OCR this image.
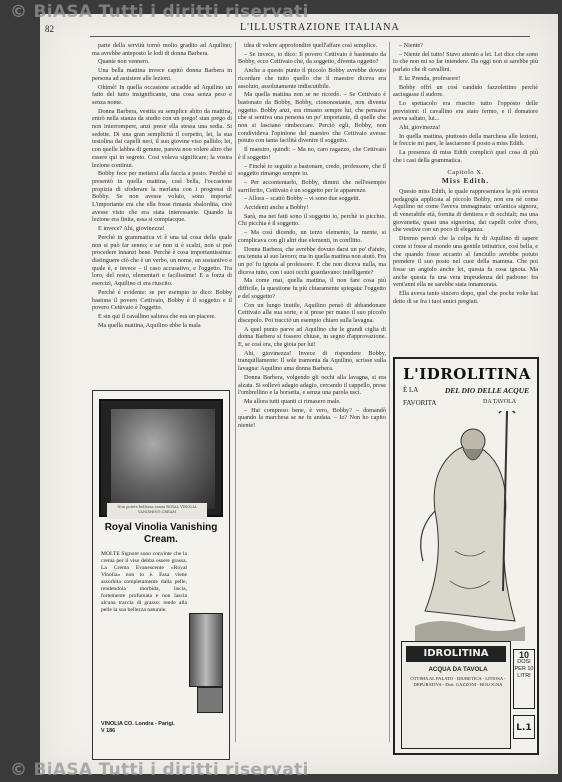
© BiASA Tutti i diritti riservati
82	L'ILLUSTRAZIONE ITALIANA

parte della servitù tornò molto gradito ad Aquilino; ma avrebbe anteposto le lodi di donna Barbera.

Quante non vennero.

Una bella mattina invece capitò donna Barbera in persona ad assistere alle lezioni.

Ohimè! In quella occasione accadde ad Aquilino un fatto del tutto insignificante, una cosa senza peso e senza nome.

Donna Barbera, vestita su semplice abito da mattina, entrò nella stanza da studio con un prego! stan prego di non interrompere, anzi prese ella stessa una sedia. Si sedette. Di una gran semplicità il corpetto, lei, la sua testolina dai capelli neri, il suo giovine viso pallido; lei, con quelle labbra di gemme, pareva non volere altro che essere qui in segreto. Cosi voleva significare; la vostra lezione continui.

Bobby fece per mettersi alla faccia a posto. Perchè si presentò in quella mattina, così bella, l'occasione propizia di sfoderare la merlana con i progressi di Bobby. Se non avesse voluto, sono importa! L'importante era che ella fosse rimasta sbalordita, cioè avesse visto che era stata interessante. Quando la lezione era finita, essa si compiacque.

E invece? Ahi, giovinezza!

Perchè in grammatica vi è una tal cosa della quale non si può far senno; e se non si è scalzi, non si può procedere innanzi bene. Perchè è cosa importantissima: distinguere ciò che è un verbo, un nome, un sostantivo e quale è, e invece ‒ il caso accusativo, e l'oggetto. Tra loro, del resto, elementari e facilissime! E a forza di esercizi, Aquilino ci era riuscito.

Perchè è evidente: se per esempio io dico: Bobby bastona il povero Cettivaio, Bobby è il soggetto e il povero Cettivaio è l'oggetto.

E sin qui il cavallino saltava che era un piacere.

Ma quella mattina, Aquilino ebbe la mala

Non potete bellezza senza ROYAL VINOLIA VANISHING CREAM
Royal Vinolia Vanishing Cream.
MOLTE Signore sono convinte che la crema per il viso debba essere grassa. La Crema Evanescente «Royal Vinolia» non lo è. Essa viene assorbita completamente dalla pelle, rendendola morbida, liscia, fortemente profumata e non lascia alcuna traccia di grasso: rende alla pelle la sua bellezza naturale.
VINOLIA CO. Londra - Parigi.
V 186

idea di volere approfondire quell'affare così semplice.

‒ Se invece, io dico: Il povero Cettivaio è bastonato da Bobby, ecco Cettivaio che, da soggetto, diventa oggetto?

Anche a questo punto il piccolo Bobby avrebbe dovuto ricordare che tutto quello che il maestro diceva era assoluto, assolutamente indiscutibile.

Ma quella mattina non se ne ricordò. ‒ Se Cettivaio è bastonato da Bobby, Bobby, ciononostante, non diventa oggetto. Bobby anzi, era rimasto sempre lui, che pensava che si sentiva una persona un po' importante, di quelle che non si lasciano rimbeccare. Perciò egli, Bobby, non condivideva l'opinione del maestro che Cettivaio avesse potuto con tanta facilità divenire il soggetto.

Il maestro, quindi: ‒ Ma no, caro ragazzo, che Cettivaio è il soggetto!

‒ Finchè io seguito a bastonare, credo, professore, che il soggetto rimango sempre io.

‒ Per accontentarlo, Bobby, dimmi che nell'esempio surriferito, Cettivaio è un soggetto per le apparenze.

‒ Allora ‒ scattò Bobby ‒ vi sono due soggetti.

Accidenti anche a Bobby!

Sarà, ma nei fatti sono il soggetto io, perchè io picchio. Chi picchia è il soggetto.

‒ Ma così dicendo, un terzo elemento, la mente, si complicava con gli altri due elementi, in conflitto.

Donna Barbera, che avrebbe dovuto darsi un po' d'aiuto, era tenuta al suo lavoro; ma in quella mattina non aiutò. Fra un po' fu ignota al professore. E che non diceva nulla, ma diceva tutto, con i suoi occhi guardavano: intelligente?

Ma come mai, quella mattina, il non fare cosa più difficile, la questione fu più chiaramente spiegata: l'oggetto e del soggetto?

Con un lungo inutile, Aquilino pensò di abbandonare Cettivaio alla sua sorte, e si prese per mano il suo piccolo discepolo. Poi tracciò un esempio chiaro sulla lavagna.

A quel punto parve ad Aquilino che le grandi ciglia di donna Barbera si fossero chiuse, in segno d'approvazione. E, se così era, che gioia per lui!

Ahi, giovinezza! Invece di rispondere Bobby, tranquillamente: Il sole tramonta da Aquilino, scrisse sulla lavagna: Aquilino ama donna Barbera.

Donna Barbera, volgendo gli occhi alla lavagna, si era alzata. Si sollevò adagio adagio, cercando il cappello, prese l'ombrellino e la borsetta, e senza una parola uscì.

Ma allora tutti quanti ci rimasero male.

‒ Hai compreso bene, è vero, Bobby? ‒ domandò quando la marchesa se ne fu andata. ‒ Io? Non ho capito niente!

‒ Niente?

‒ Niente del tutto! Stavo attento a lei. Lei dice che sono io che non mi so far intendere. Da oggi non si sarebbe più parlato che di cavallini.

E la: Prenda, professore!

Bobby offrì un così candido fazzolettino perchè asciugasse il sudore.

Lo spettacolo era riuscito tutto l'opposto delle previsioni: il cavallino era stato fermo, e il domatore aveva saltato, lui...

Ahi, giovinezza!

In quella mattina, piuttosto della marchesa alle lezioni, le freccie mi pare, le lasciarono il posto a miss Edith.

La presenza di miss Edith complicò quel cosa di più che i casi della grammatica.

Capitolo X.
Miss Edith.

Questo miss Edith, le quale rappresentava la più severa pedagogia applicata al piccolo Bobby, non era né come Aquilino né come l'aveva immaginata: un'antica signora, di venerabile età, fornita di dentiera e di occhiali; ma una giovanetta, quasi una signorina, dai capelli color d'oro, che vestiva con un poco di eleganza.

Diremo perciò che la colpa fu di Aquilino di sapere come si fosse al mondo una gentile istitutrice, così bella, e che quando fosse accanto al fanciullo avrebbe potuto prendere il suo posto nel cuor della mamma. Che poi fosse un angiolo anche lei, questa fu cosa ignota. Ma anche questa fu una vera imprudenza del padrone: fra vent'anni ella ne sarebbe stata innamorata.

Ella aveva tanto sincero dopo, quel che poche volte hai detto di se fra i tuoi amici pregiati.

L'IDROLITINA
È LA
FAVORITA
DEL DIO DELLE ACQUE
DA TAVOLA
IDROLITINA
ACQUA DA TAVOLA
OTTIMA AL PALATO - DIURETICA - LITIOSA - DEPURATIVA - Dott. GAZZONI - BOLOGNA
10
DOSI PER 10 LITRI
L.1
© BiASA Tutti i diritti riservati
